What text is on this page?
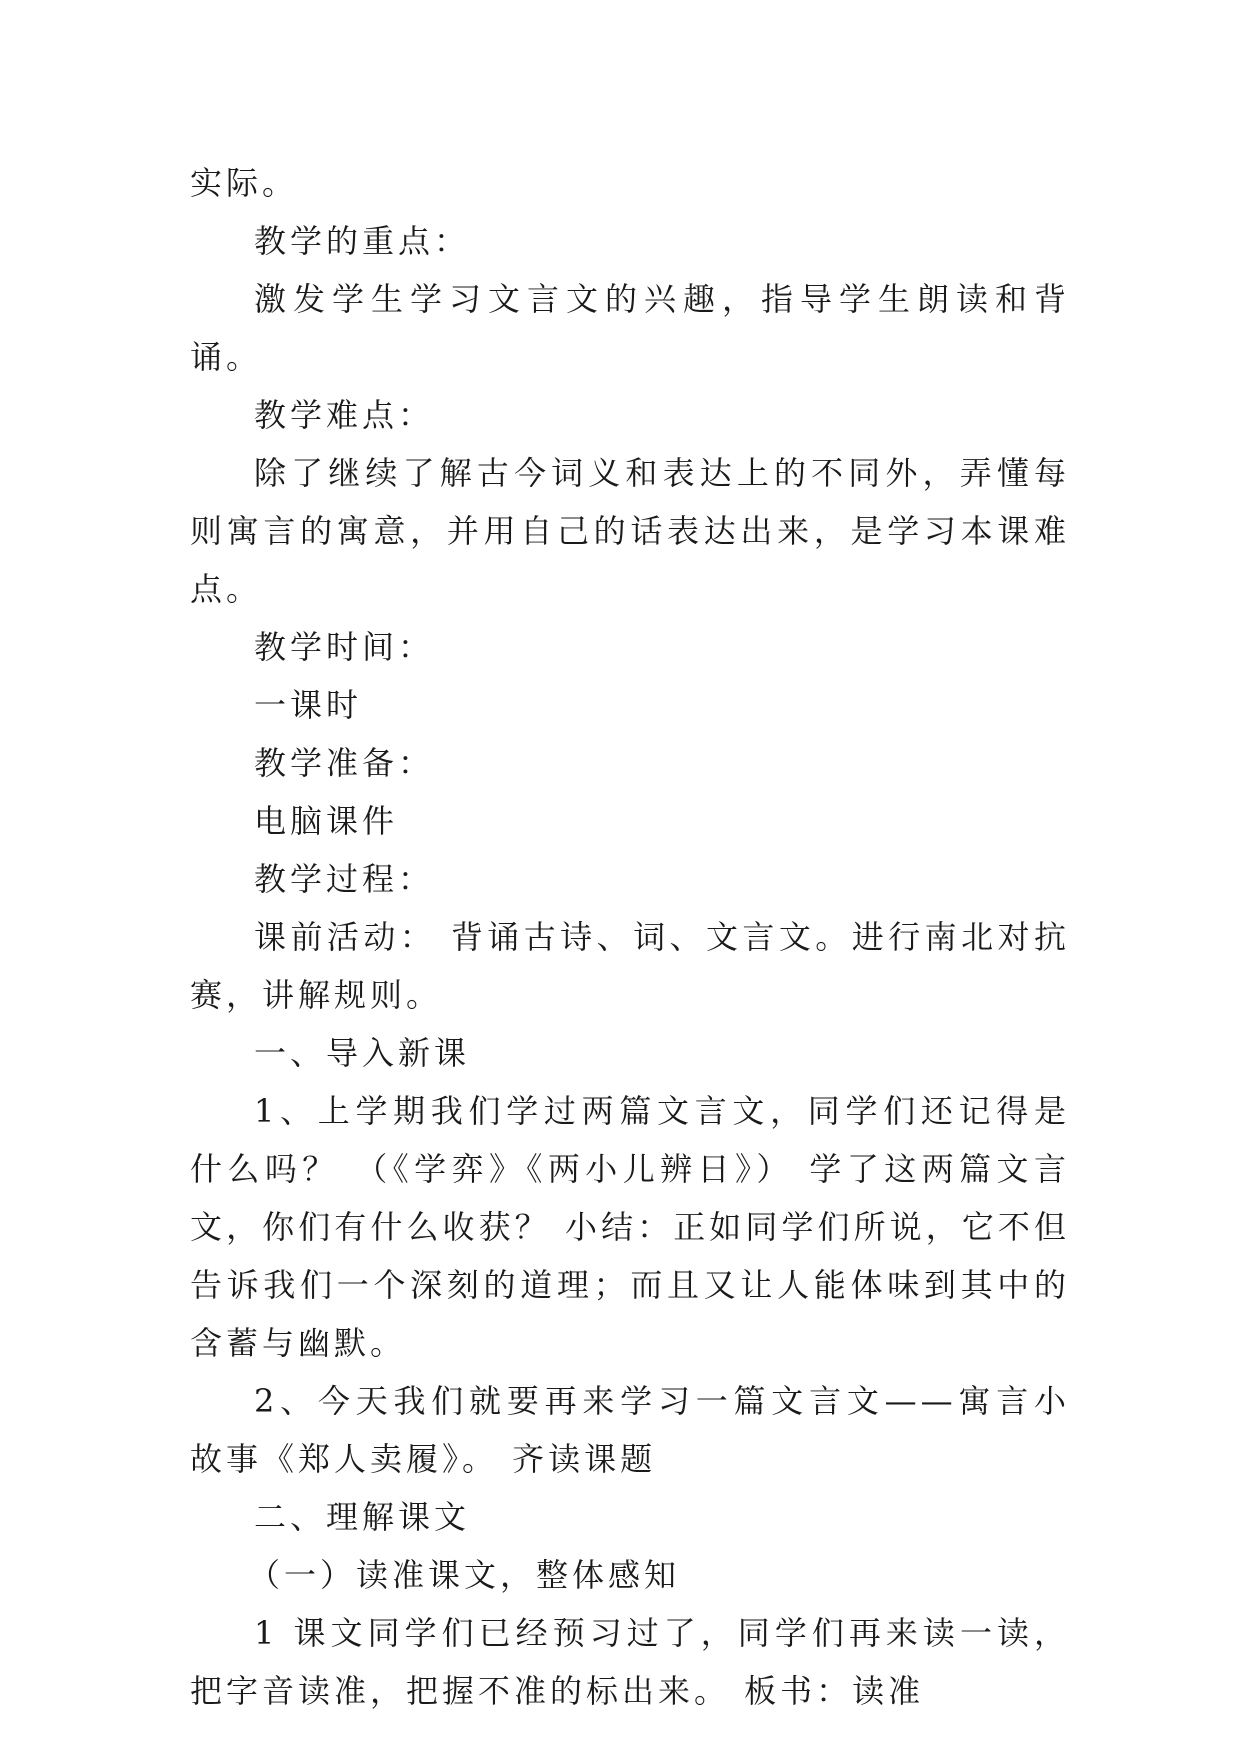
实际。

教学的重点：

激发学生学习文言文的兴趣，指导学生朗读和背诵。

教学难点：

除了继续了解古今词义和表达上的不同外，弄懂每则寓言的寓意，并用自己的话表达出来，是学习本课难点。

教学时间：

一课时

教学准备：

电脑课件

教学过程：

课前活动： 背诵古诗、词、文言文。进行南北对抗赛，讲解规则。

一、导入新课

1、上学期我们学过两篇文言文，同学们还记得是什么吗？ （《学弈》《两小儿辨日》） 学了这两篇文言文，你们有什么收获？ 小结：正如同学们所说，它不但告诉我们一个深刻的道理；而且又让人能体味到其中的含蓄与幽默。

2、今天我们就要再来学习一篇文言文——寓言小故事《郑人卖履》。 齐读课题

二、理解课文

（一）读准课文，整体感知

1 课文同学们已经预习过了，同学们再来读一读，把字音读准，把握不准的标出来。 板书：读准
